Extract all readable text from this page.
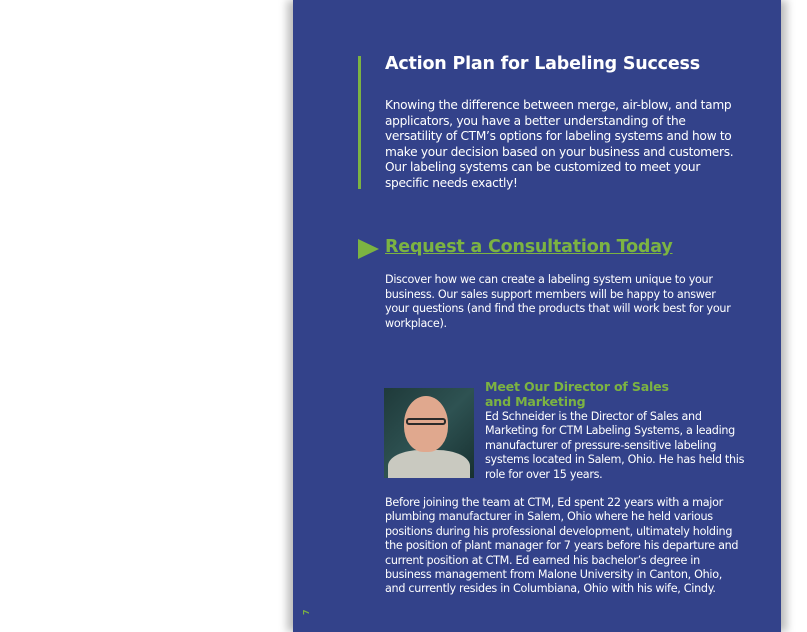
Action Plan for Labeling Success
Knowing the difference between merge, air-blow, and tamp applicators, you have a better understanding of the versatility of CTM’s options for labeling systems and how to make your decision based on your business and customers. Our labeling systems can be customized to meet your specific needs exactly!
Request a Consultation Today
Discover how we can create a labeling system unique to your business. Our sales support members will be happy to answer your questions (and find the products that will work best for your workplace).
Meet Our Director of Sales
and Marketing
Ed Schneider is the Director of Sales and Marketing for CTM Labeling Systems, a leading manufacturer of pressure-sensitive labeling systems located in Salem, Ohio. He has held this role for over 15 years.
Before joining the team at CTM, Ed spent 22 years with a major plumbing manufacturer in Salem, Ohio where he held various positions during his professional development, ultimately holding the position of plant manager for 7 years before his departure and current position at CTM. Ed earned his bachelor’s degree in business management from Malone University in Canton, Ohio, and currently resides in Columbiana, Ohio with his wife, Cindy.
7
